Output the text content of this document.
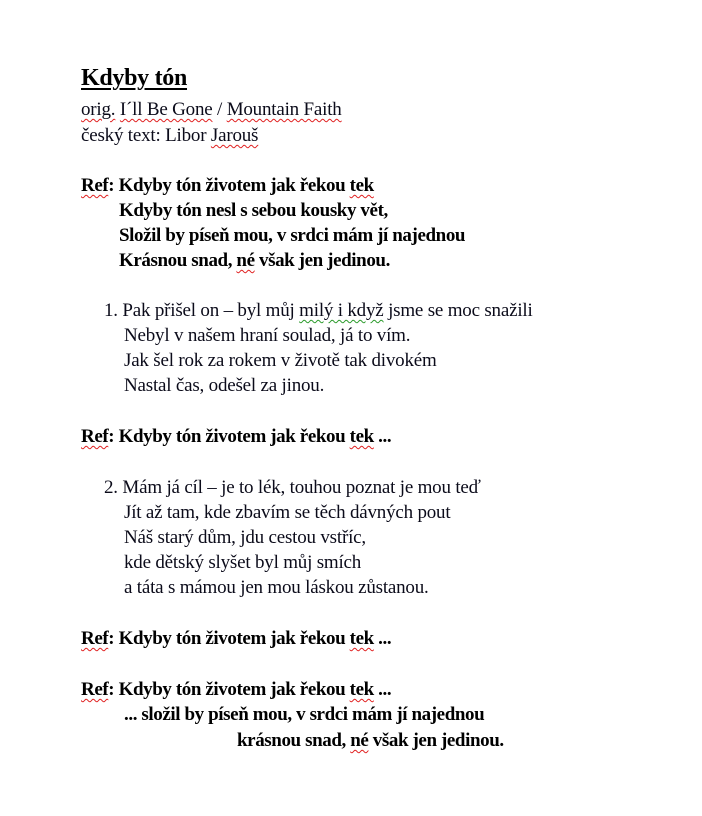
Kdyby tón
orig. I´ll Be Gone / Mountain Faith
český text: Libor Jarouš
Ref: Kdyby tón životem jak řekou tek
Kdyby tón nesl s sebou kousky vět,
Složil by píseň mou, v srdci mám jí najednou
Krásnou snad, né však jen jedinou.
1. Pak přišel on – byl můj milý i když jsme se moc snažili
Nebyl v našem hraní soulad, já to vím.
Jak šel rok za rokem v životě tak divokém
Nastal čas, odešel za jinou.
Ref: Kdyby tón životem jak řekou tek ...
2. Mám já cíl – je to lék, touhou poznat je mou teď
Jít až tam, kde zbavím se těch dávných pout
Náš starý dům, jdu cestou vstříc,
kde dětský slyšet byl můj smích
a táta s mámou jen mou láskou zůstanou.
Ref: Kdyby tón životem jak řekou tek ...
Ref: Kdyby tón životem jak řekou tek ...
... složil by píseň mou, v srdci mám jí najednou
krásnou snad, né však jen jedinou.
